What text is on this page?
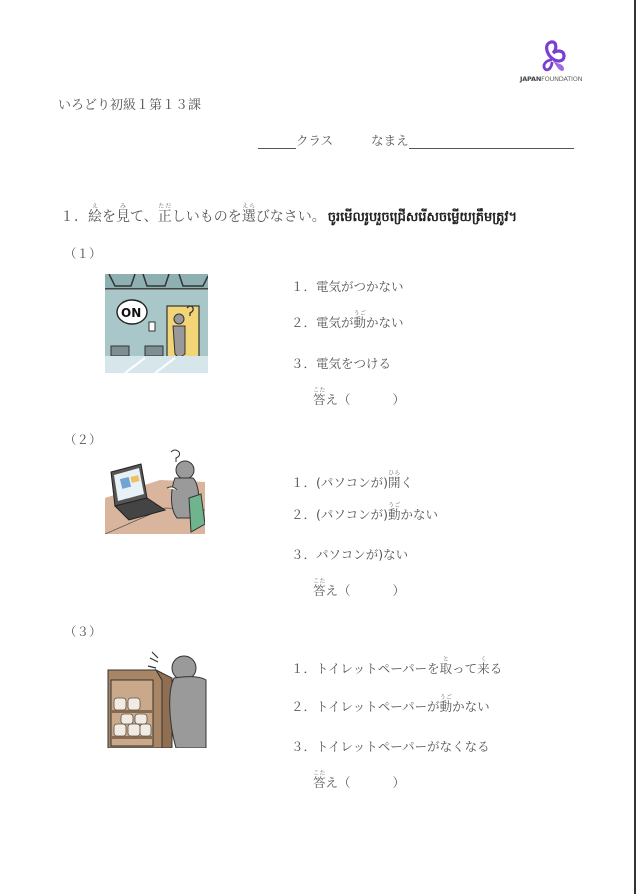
JAPANFOUNDATION
いろどり初級１第１３課
クラス	なまえ
１．絵えを見みて、正ただしいものを選えらびなさい。 ចូរមើលរូបរួចជ្រើសរើសចម្លើយត្រឹមត្រូវ។
（１）
ON
１．電気がつかない
２．電気が動うごかない
３．電気をつける
答こたえ（	）
（２）
１．(パソコンが)開ひらく
２．(パソコンが)動うごかない
３．パソコンが)ない
答こたえ（	）
（３）
１．トイレットペーパーを取とって来くる
２．トイレットペーパーが動うごかない
３．トイレットペーパーがなくなる
答こたえ（	）
